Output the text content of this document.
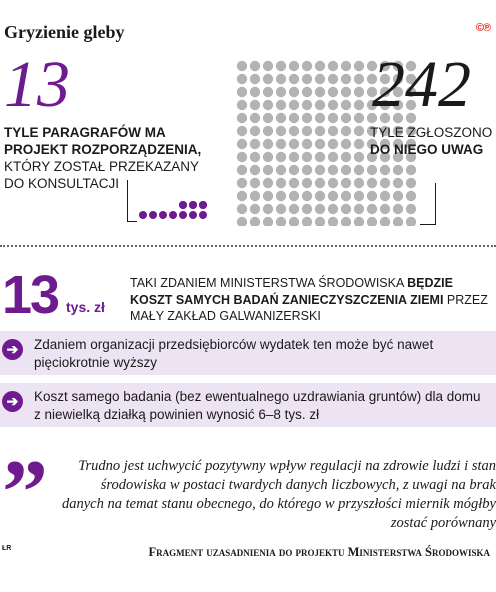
Gryzienie gleby	©℗
13
TYLE PARAGRAFÓW MA PROJEKT ROZPORZĄDZENIA,
KTÓRY ZOSTAŁ PRZEKAZANY DO KONSULTACJI
242
TYLE ZGŁOSZONO
DO NIEGO UWAG
13 tys. zł
TAKI ZDANIEM MINISTERSTWA ŚRODOWISKA BĘDZIE KOSZT SAMYCH BADAŃ ZANIECZYSZCZENIA ZIEMI PRZEZ MAŁY ZAKŁAD GALWANIZERSKI
➔	Zdaniem organizacji przedsiębiorców wydatek ten może być nawet pięciokrotnie wyższy
➔	Koszt samego badania (bez ewentualnego uzdrawiania gruntów) dla domu z niewielką działką powinien wynosić 6–8 tys. zł
”	Trudno jest uchwycić pozytywny wpływ regulacji na zdrowie ludzi i stan środowiska w postaci twardych danych liczbowych, z uwagi na brak danych na temat stanu obecnego, do którego w przyszłości miernik mógłby zostać porównany
ŁR	Fragment uzasadnienia do projektu Ministerstwa Środowiska
